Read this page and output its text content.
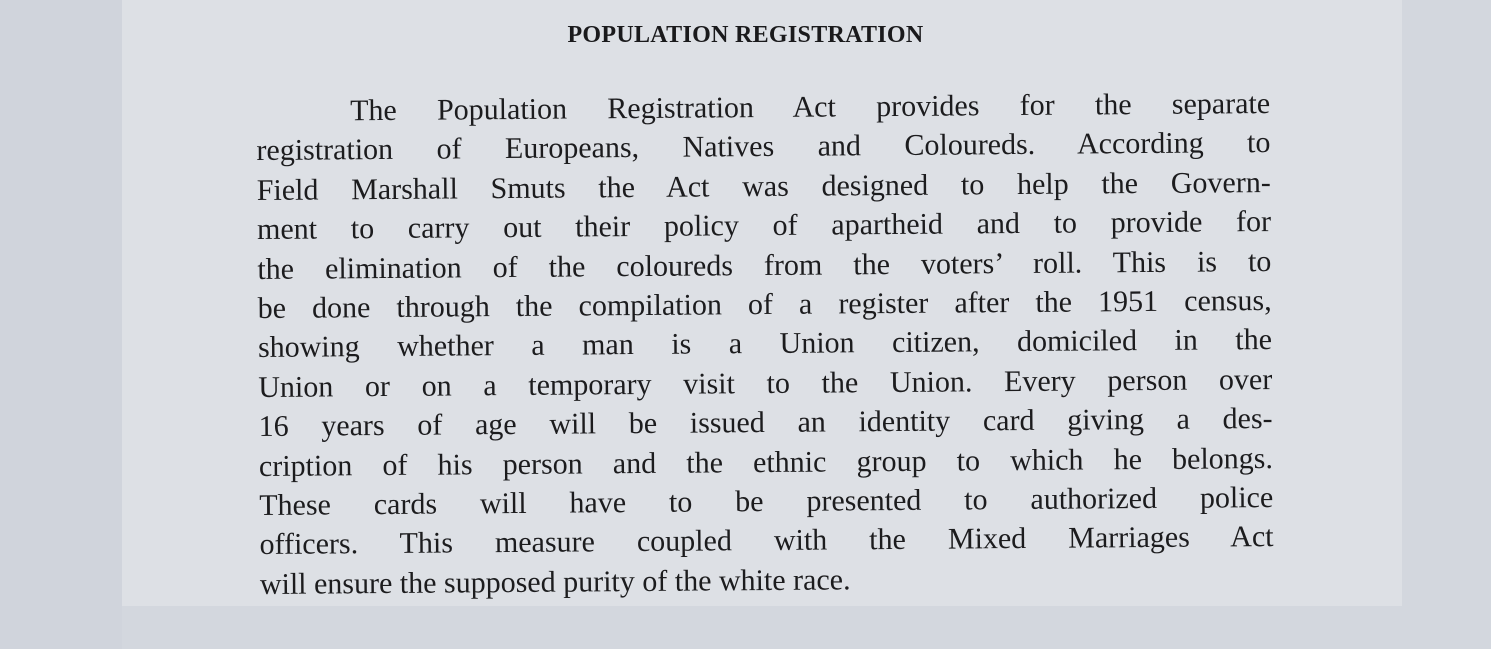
POPULATION REGISTRATION
The Population Registration Act provides for the separate
registration of Europeans, Natives and Coloureds. According to
Field Marshall Smuts the Act was designed to help the Govern-
ment to carry out their policy of apartheid and to provide for
the elimination of the coloureds from the voters’ roll. This is to
be done through the compilation of a register after the 1951 census,
showing whether a man is a Union citizen, domiciled in the
Union or on a temporary visit to the Union. Every person over
16 years of age will be issued an identity card giving a des-
cription of his person and the ethnic group to which he belongs.
These cards will have to be presented to authorized police
officers. This measure coupled with the Mixed Marriages Act
will ensure the supposed purity of the white race.
